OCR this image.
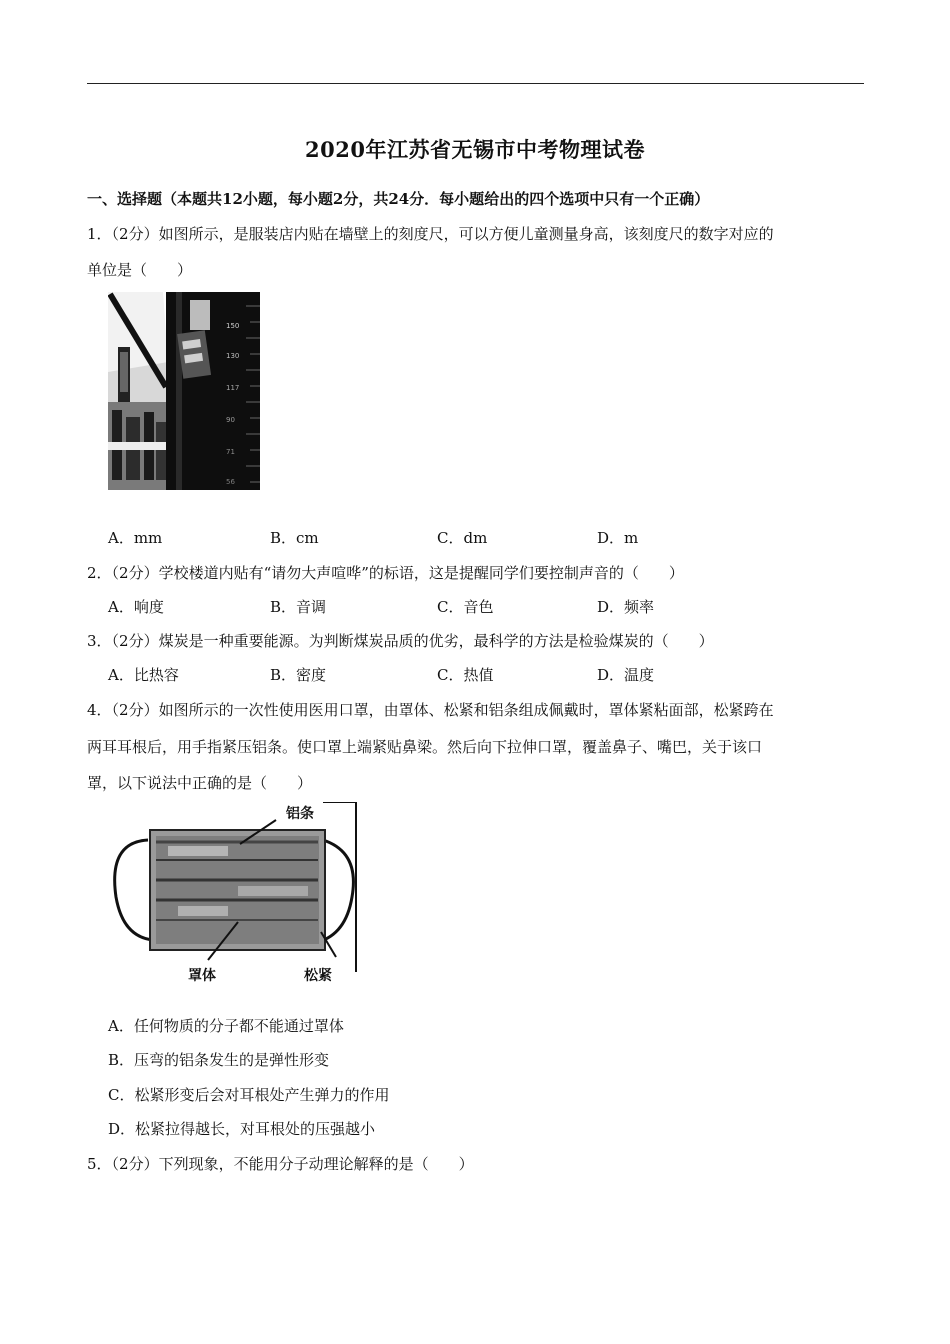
2020年江苏省无锡市中考物理试卷
一、选择题（本题共12小题，每小题2分，共24分．每小题给出的四个选项中只有一个正确）
1．（2分）如图所示，是服装店内贴在墙壁上的刻度尺，可以方便儿童测量身高，该刻度尺的数字对应的
单位是（　　）
150
130
117
90
71
56
A．mm	B．cm	C．dm	D．m
2．（2分）学校楼道内贴有“请勿大声喧哗”的标语，这是提醒同学们要控制声音的（　　）
A．响度	B．音调	C．音色	D．频率
3．（2分）煤炭是一种重要能源。为判断煤炭品质的优劣，最科学的方法是检验煤炭的（　　）
A．比热容	B．密度	C．热值	D．温度
4．（2分）如图所示的一次性使用医用口罩，由罩体、松紧和铝条组成佩戴时，罩体紧粘面部，松紧跨在
两耳耳根后，用手指紧压铝条。使口罩上端紧贴鼻梁。然后向下拉伸口罩，覆盖鼻子、嘴巴，关于该口
罩，以下说法中正确的是（　　）
铝条
罩体	松紧
A．任何物质的分子都不能通过罩体
B．压弯的铝条发生的是弹性形变
C．松紧形变后会对耳根处产生弹力的作用
D．松紧拉得越长，对耳根处的压强越小
5．（2分）下列现象，不能用分子动理论解释的是（　　）
